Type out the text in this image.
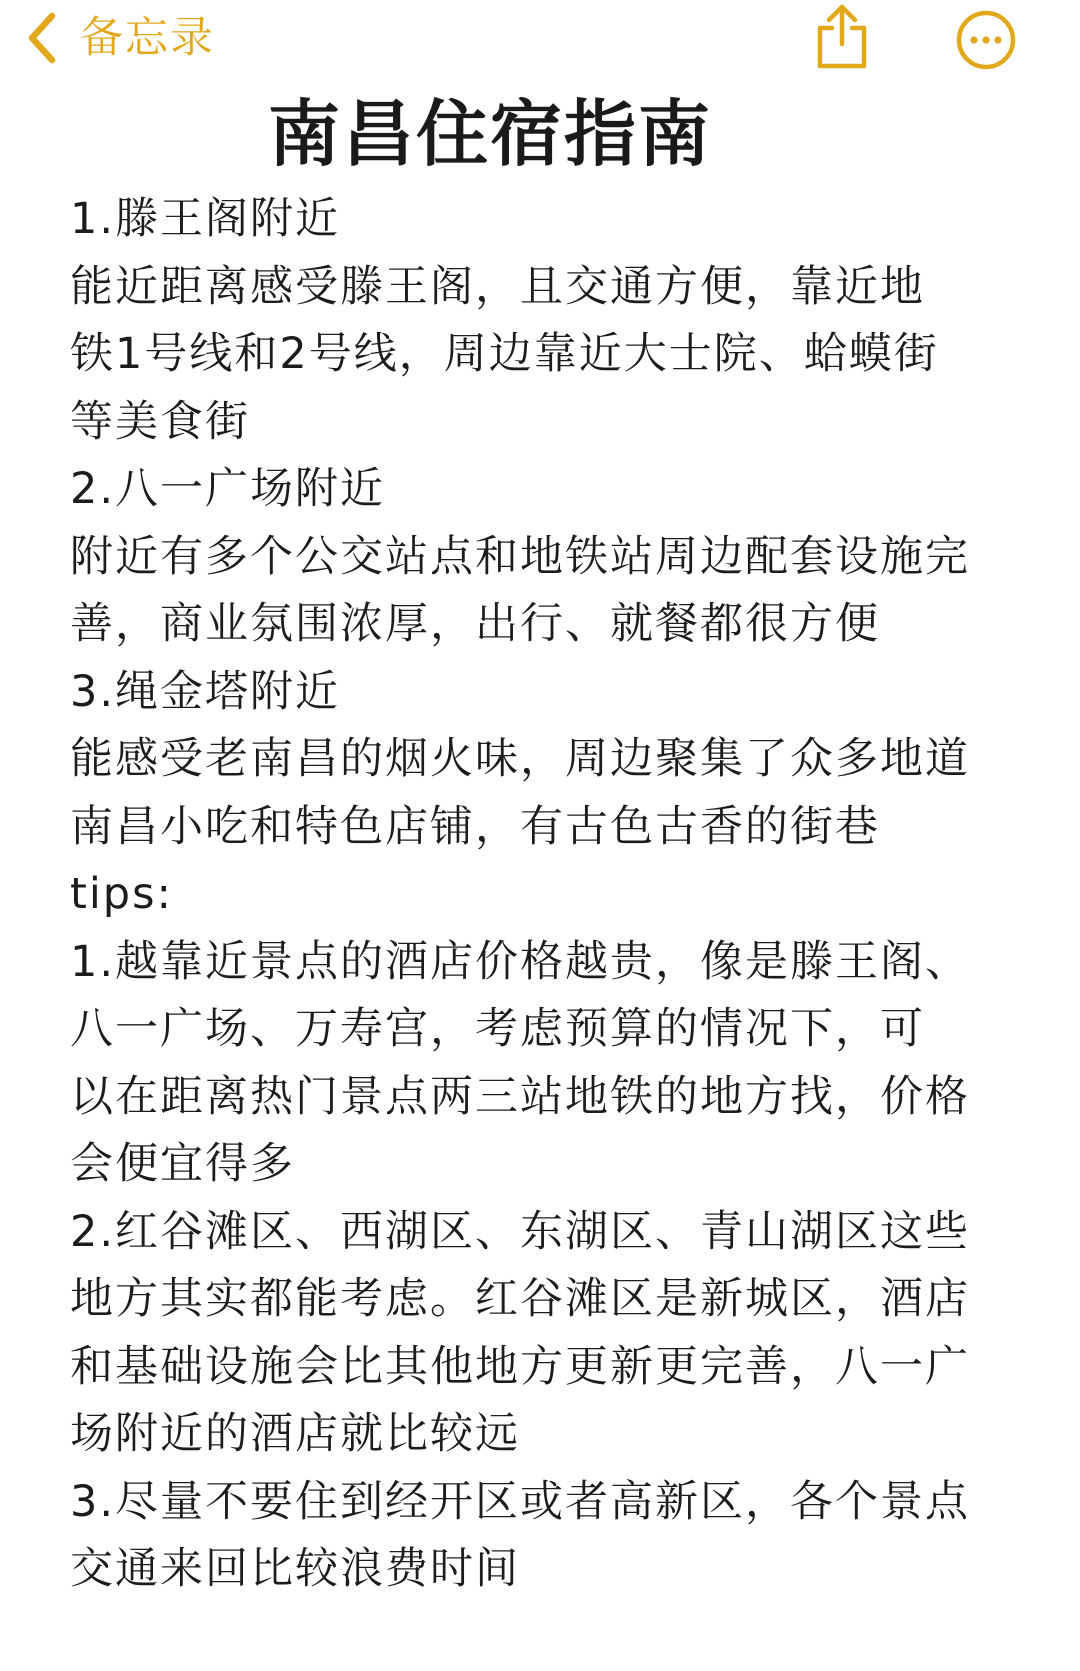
备忘录
南昌住宿指南
1.滕王阁附近
能近距离感受滕王阁，且交通方便，靠近地
铁1号线和2号线，周边靠近大士院、蛤蟆街
等美食街
2.八一广场附近
附近有多个公交站点和地铁站周边配套设施完
善，商业氛围浓厚，出行、就餐都很方便
3.绳金塔附近
能感受老南昌的烟火味，周边聚集了众多地道
南昌小吃和特色店铺，有古色古香的街巷
tips:
1.越靠近景点的酒店价格越贵，像是滕王阁、
八一广场、万寿宫，考虑预算的情况下，可
以在距离热门景点两三站地铁的地方找，价格
会便宜得多
2.红谷滩区、西湖区、东湖区、青山湖区这些
地方其实都能考虑。红谷滩区是新城区，酒店
和基础设施会比其他地方更新更完善，八一广
场附近的酒店就比较远
3.尽量不要住到经开区或者高新区，各个景点
交通来回比较浪费时间
